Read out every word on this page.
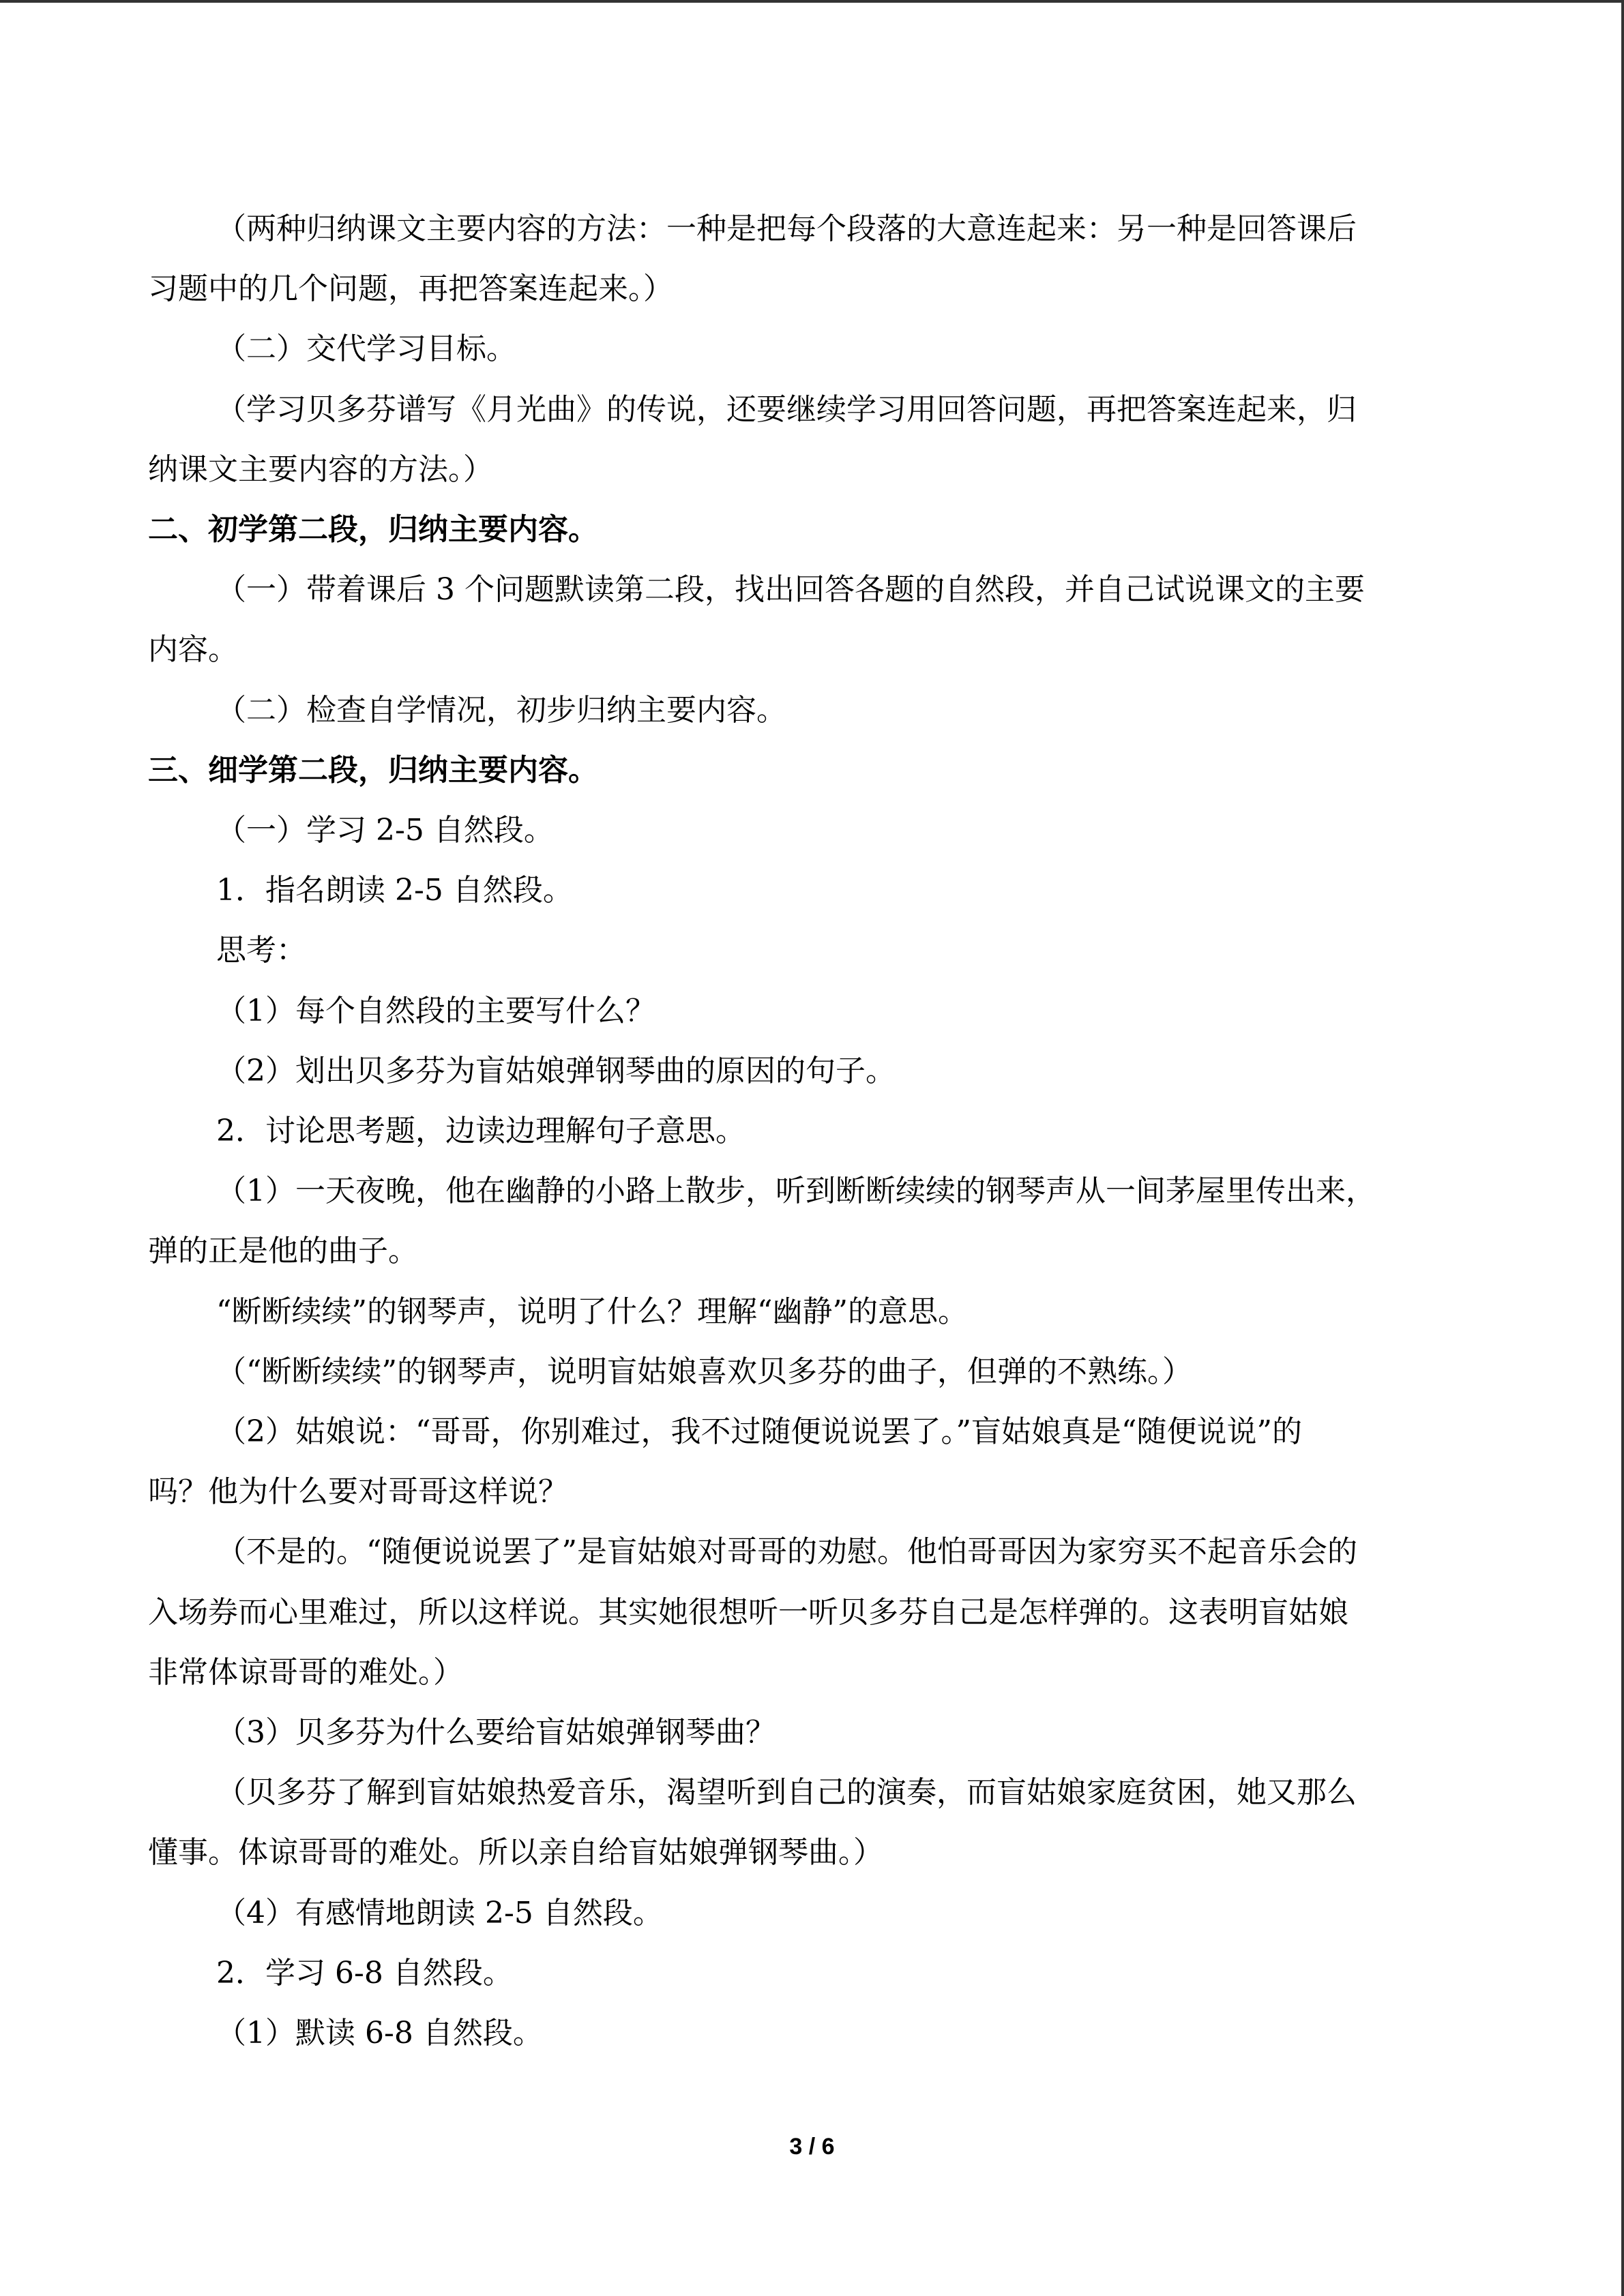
（两种归纳课文主要内容的方法：一种是把每个段落的大意连起来：另一种是回答课后
习题中的几个问题，再把答案连起来。）
（二）交代学习目标。
（学习贝多芬谱写《月光曲》的传说，还要继续学习用回答问题，再把答案连起来，归
纳课文主要内容的方法。）
二、初学第二段，归纳主要内容。
（一）带着课后 3 个问题默读第二段，找出回答各题的自然段，并自己试说课文的主要
内容。
（二）检查自学情况，初步归纳主要内容。
三、细学第二段，归纳主要内容。
（一）学习 2-5 自然段。
1．指名朗读 2-5 自然段。
思考：
（1）每个自然段的主要写什么？
（2）划出贝多芬为盲姑娘弹钢琴曲的原因的句子。
2．讨论思考题，边读边理解句子意思。
（1）一天夜晚，他在幽静的小路上散步，听到断断续续的钢琴声从一间茅屋里传出来，
弹的正是他的曲子。
“断断续续”的钢琴声，说明了什么？理解“幽静”的意思。
（“断断续续”的钢琴声，说明盲姑娘喜欢贝多芬的曲子，但弹的不熟练。）
（2）姑娘说：“哥哥，你别难过，我不过随便说说罢了。”盲姑娘真是“随便说说”的
吗？他为什么要对哥哥这样说？
（不是的。“随便说说罢了”是盲姑娘对哥哥的劝慰。他怕哥哥因为家穷买不起音乐会的
入场券而心里难过，所以这样说。其实她很想听一听贝多芬自己是怎样弹的。这表明盲姑娘
非常体谅哥哥的难处。）
（3）贝多芬为什么要给盲姑娘弹钢琴曲？
（贝多芬了解到盲姑娘热爱音乐，渴望听到自己的演奏，而盲姑娘家庭贫困，她又那么
懂事。体谅哥哥的难处。所以亲自给盲姑娘弹钢琴曲。）
（4）有感情地朗读 2-5 自然段。
2．学习 6-8 自然段。
（1）默读 6-8 自然段。
3 / 6
